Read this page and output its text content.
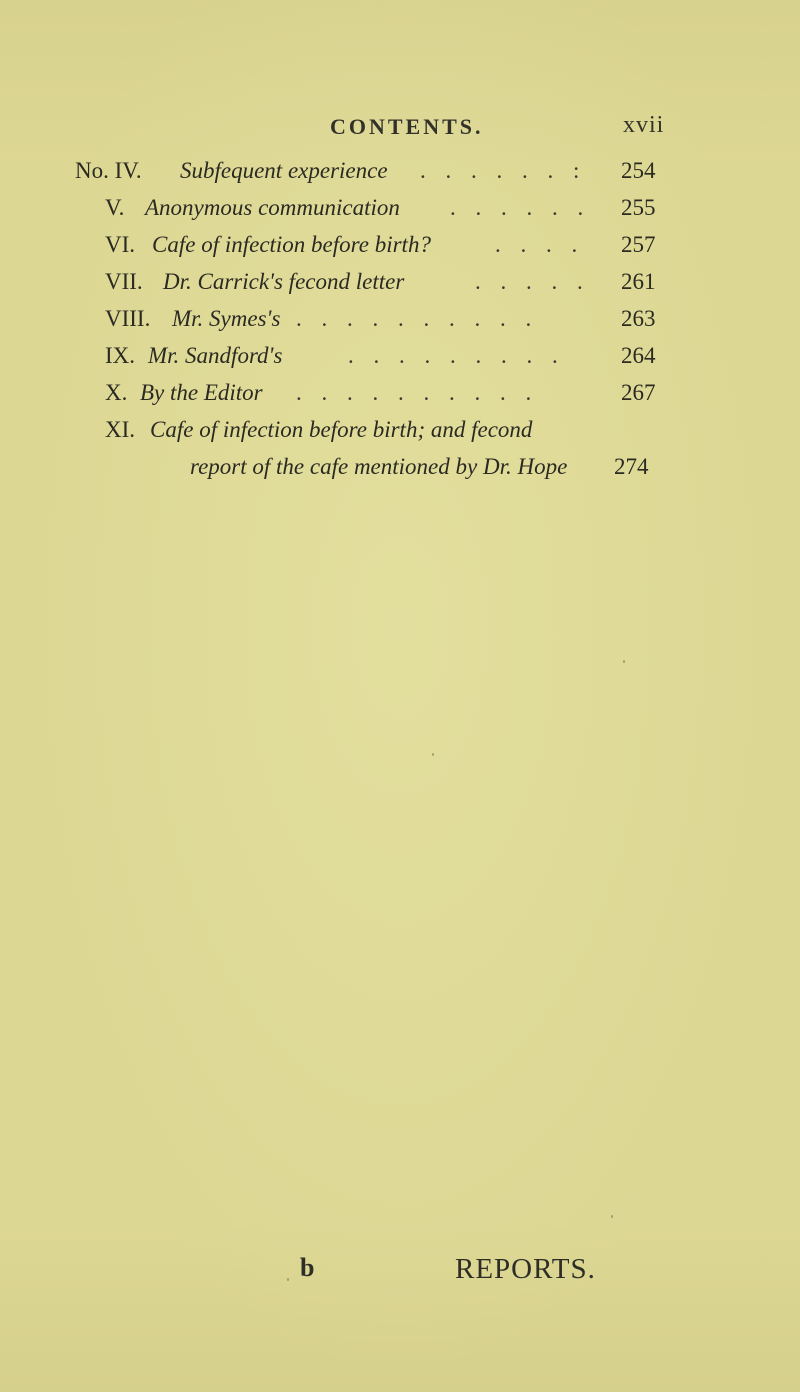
CONTENTS.	xvii
No. IV. Subfequent experience . . . . . . : 254
V. Anonymous communication . . . . . . 255
VI. Cafe of infection before birth?	. . . . 257
VII. Dr. Carrick's fecond letter	. . . . . 261
VIII. Mr. Symes's . . . . . . . . . .	263
IX. Mr. Sandford's	. . . . . . . . . 264
X. By the Editor . . . . . . . . . .	267
XI. Cafe of infection before birth; and fecond
report of the cafe mentioned by Dr. Hope 274
b	REPORTS.
